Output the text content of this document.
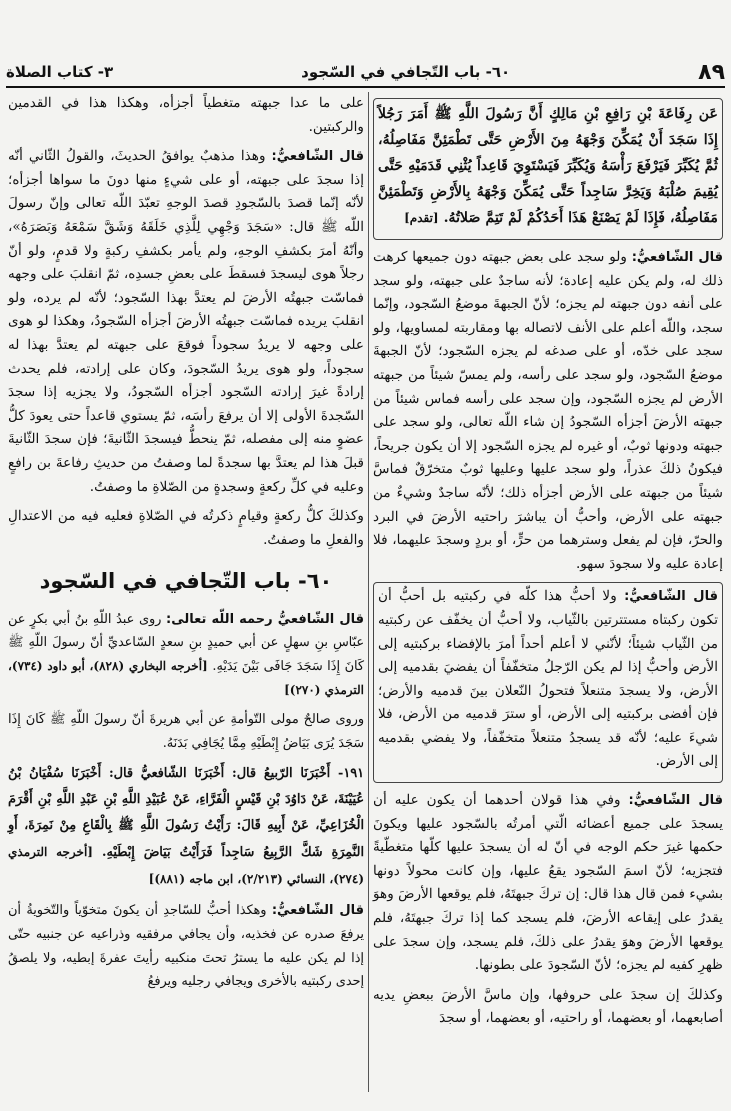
٨٩
٦٠- باب التّجافي في السّجود
٣- كتاب الصلاة

عَن رِفَاعَةَ بْنِ رَافِعِ بْنِ مَالِكٍ أَنَّ رَسُولَ اللَّهِ ﷺ أَمَرَ رَجُلاً إِذَا سَجَدَ أَنْ يُمَكِّنَ وَجْهَهُ مِنَ الأَرْضِ حَتَّى تَطْمَئِنَّ مَفَاصِلُهُ، ثُمَّ يُكَبِّرَ فَيَرْفَعَ رَأْسَهُ وَيُكَبِّرَ فَيَسْتَوِيَ قَاعِداً يُثْنِي قَدَمَيْهِ حَتَّى يُقِيمَ صُلْبَهُ وَيَخِرَّ سَاجِداً حَتَّى يُمَكِّنَ وَجْهَهُ بِالأَرْضِ وَتَطْمَئِنَّ مَفَاصِلُهُ، فَإِذَا لَمْ يَصْنَعْ هَذَا أَحَدُكُمْ لَمْ تَتِمَّ صَلاتُهُ. [تقدم]

قال الشّافعيُّ: ولو سجد على بعض جبهته دون جميعها كرهت ذلك له، ولم يكن عليه إعادة؛ لأنه ساجدٌ على جبهته، ولو سجد على أنفه دون جبهته لم يجزه؛ لأنّ الجبهةَ موضعُ السّجود، وإنّما سجد، واللّه أعلم على الأنف لاتصاله بها ومقاربته لمساويها، ولو سجد على خدّه، أو على صدغه لم يجزه السّجود؛ لأنّ الجبهةَ موضعُ السّجود، ولو سجد على رأسه، ولم يمسّ شيئاً من جبهته الأرض لم يجزه السّجود، وإن سجد على رأسه فماس شيئاً من جبهته الأرضَ أجزأه السّجودُ إن شاء اللّه تعالى، ولو سجد على جبهته ودونها ثوبٌ، أو غيره لم يجزه السّجود إلا أن يكون جريحاً، فيكونُ ذلكَ عذراً، ولو سجد عليها وعليها ثوبٌ متخرّقٌ فماسَّ شيئاً من جبهته على الأرض أجزأه ذلك؛ لأنّه ساجدٌ وشيءٌ من جبهته على الأرض، وأحبُّ أن يباشرَ راحتيه الأرضَ في البرد والحرّ، فإن لم يفعل وسترهما من حرٍّ، أو بردٍ وسجدَ عليهما، فلا إعادة عليه ولا سجودَ سهو.

قال الشّافعيُّ: ولا أحبُّ هذا كلّه في ركبتيه بل أحبُّ أن تكون ركبتاه مستترتين بالثّياب، ولا أحبُّ أن يخفّف عن ركبتيه من الثّياب شيئاً؛ لأنّني لا أعلم أحداً أمرَ بالإفضاء بركبتيه إلى الأرض وأحبُّ إذا لم يكن الرّجلُ متخفّفاً أن يفضيَ بقدميه إلى الأرض، ولا يسجدَ متنعلاً فتحولُ النّعلان بينَ قدميه والأرض؛ فإن أفضى بركبتيه إلى الأرض، أو سترَ قدميه من الأرض، فلا شيءَ عليه؛ لأنّه قد يسجدُ متنعلاً متخفّفاً، ولا يفضي بقدميه إلى الأرض.

قال الشّافعيُّ: وفي هذا قولان أحدهما أن يكون عليه أن يسجدَ على جميع أعضائه الّتي أمرتُه بالسّجود عليها ويكونَ حكمها غيرَ حكم الوجه في أنّ له أن يسجدَ عليها كلّها متغطّيةً فتجزيه؛ لأنّ اسمَ السّجود يقعُ عليها، وإن كانت محولاً دونها بشيء فمن قال هذا قال: إن تركَ جبهتَهُ، فلم يوقعها الأرضَ وهوَ يقدرُ على إيقاعه الأرضَ، فلم يسجد كما إذا تركَ جبهتَهُ، فلم يوقعها الأرضَ وهوَ يقدرُ على ذلكَ، فلم يسجد، وإن سجدَ على ظهرِ كفيه لم يجزه؛ لأنّ السّجودَ على بطونها.

وكذلكَ إن سجدَ على حروفها، وإن ماسَّ الأرضَ ببعضِ يديه أصابعهما، أو بعضهما، أو راحتيه، أو بعضهما، أو سجدَ

على ما عدا جبهته متغطياً أجزأه، وهكذا هذا في القدمين والركبتين.

قال الشّافعيُّ: وهذا مذهبٌ يوافقُ الحديثَ، والقولُ الثّاني أنّه إذا سجدَ على جبهته، أو على شيءٍ منها دونَ ما سواها أجزأه؛ لأنّه إنّما قصدَ بالسّجودِ قصدَ الوجهِ تعبّدَ اللّه تعالى وإنّ رسولَ اللّه ﷺ قال: «سَجَدَ وَجْهِي لِلَّذِي خَلَقَهُ وَشَقَّ سَمْعَهُ وَبَصَرَهُ»، وأنّهُ أمرَ بكشفِ الوجهِ، ولم يأمر بكشفِ ركبةٍ ولا قدمٍ، ولو أنّ رجلاً هوى ليسجدَ فسقطَ على بعضِ جسدِه، ثمّ انقلبَ على وجهه فماسّت جبهتُه الأرضَ لم يعتدَّ بهذا السّجود؛ لأنّه لم يرده، ولو انقلبَ يريده فماسّت جبهتُه الأرضَ أجزأه السّجودُ، وهكذا لو هوى على وجهه لا يريدُ سجوداً فوقعَ على جبهته لم يعتدَّ بهذا له سجوداً، ولو هوى يريدُ السّجودَ، وكان على إرادته، فلم يحدث إرادةً غيرَ إرادته السّجود أجزأه السّجودُ، ولا يجزيه إذا سجدَ السّجدةَ الأولى إلا أن يرفعَ رأسَه، ثمّ يستوي قاعداً حتى يعودَ كلُّ عضوٍ منه إلى مفصله، ثمّ ينحطُّ فيسجدَ الثّانيةَ؛ فإن سجدَ الثّانيةَ قبلَ هذا لم يعتدَّ بها سجدةً لما وصفتُ من حديثِ رفاعةَ بن رافعٍ وعليه في كلِّ ركعةٍ وسجدةٍ من الصّلاةِ ما وصفتُ.

وكذلكَ كلُّ ركعةٍ وقيامٍ ذكرتُه في الصّلاةِ فعليه فيه من الاعتدالِ والفعلِ ما وصفتُ.

٦٠- باب التّجافي في السّجود

قال الشّافعيُّ رحمه اللّه تعالى: روى عبدُ اللّهِ بنُ أبي بكرٍ عن عبّاسِ بنِ سهلٍ عن أبي حميدٍ بنِ سعدٍ السّاعديِّ أنّ رسولَ اللّهِ ﷺ كَانَ إِذَا سَجَدَ جَافَى بَيْنَ يَدَيْهِ. [أخرجه البخاري (٨٢٨)، أبو داود (٧٣٤)، الترمذي (٢٧٠)]

وروى صالحٌ مولى التّوأمةِ عن أبي هريرةَ أنّ رسولَ اللّهِ ﷺ كَانَ إِذَا سَجَدَ يُرَى بَيَاضُ إِبْطَيْهِ مِمَّا يُجَافِي بَدَنَهُ.

١٩١- أَخْبَرَنَا الرّبيعُ قال: أَخْبَرَنَا الشّافعيُّ قال: أَخْبَرَنَا سُفْيَانُ بْنُ عُيَيْنَةَ، عَنْ دَاوُدَ بْنِ قَيْسٍ الْفَرَّاءِ، عَنْ عُبَيْدِ اللَّهِ بْنِ عَبْدِ اللَّهِ بْنِ أَقْرَمَ الْخُزَاعِيِّ، عَنْ أَبِيهِ قَالَ: رَأَيْتُ رَسُولَ اللَّهِ ﷺ بِالْقَاعِ مِنْ نَمِرَةَ، أَوِ النَّمِرَةِ شَكَّ الرَّبِيعُ سَاجِداً فَرَأَيْتُ بَيَاضَ إِبْطَيْهِ. [أخرجه الترمذي (٢٧٤)، النسائي (٢/٢١٣)، ابن ماجه (٨٨١)]

قال الشّافعيُّ: وهكذا أحبُّ للسّاجدِ أن يكونَ متخوّياً والتّخويةُ أن يرفعَ صدره عن فخذيه، وأن يجافي مرفقيه وذراعيه عن جنبيه حتّى إذا لم يكن عليه ما يسترُ تحتَ منكبيه رأيتَ عفرةَ إبطيه، ولا يلصقُ إحدى ركبتيه بالأخرى ويجافي رجليه ويرفعُ
